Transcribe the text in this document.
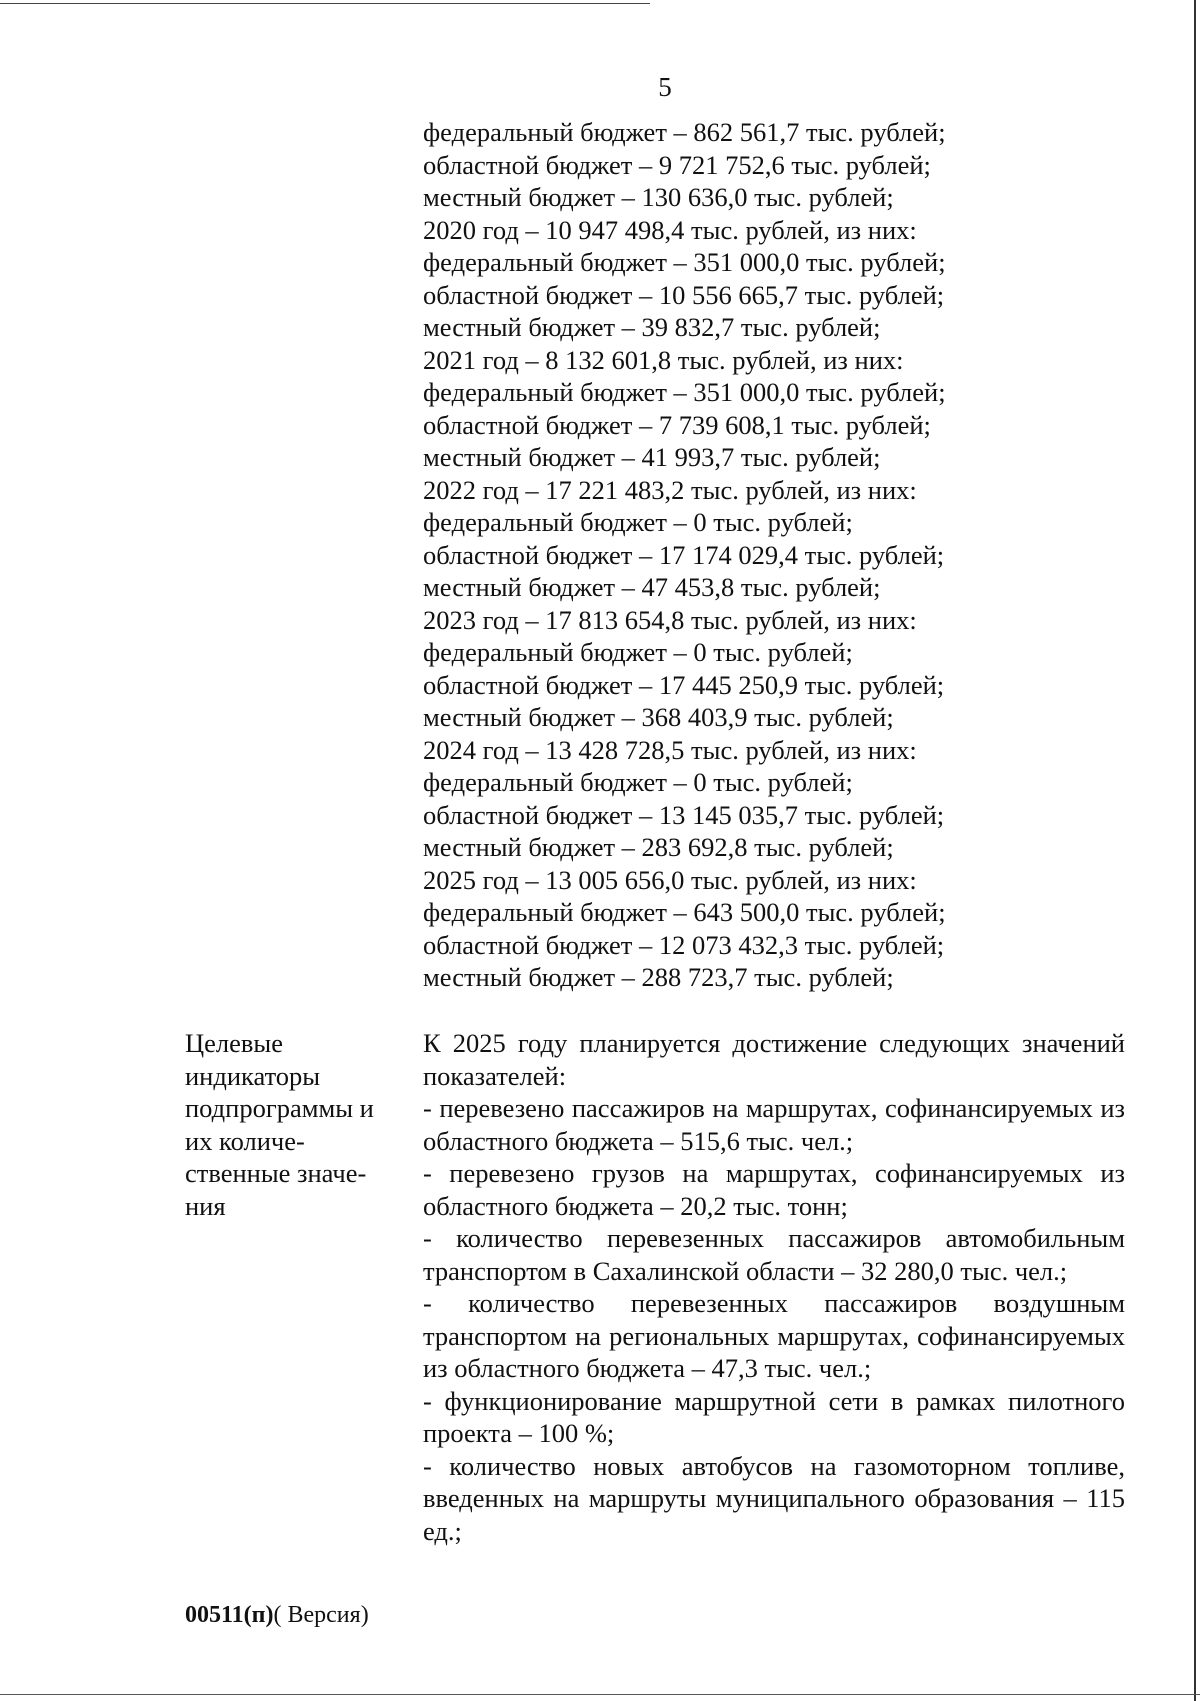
5
федеральный бюджет – 862 561,7 тыс. рублей;
областной бюджет – 9 721 752,6 тыс. рублей;
местный бюджет – 130 636,0 тыс. рублей;
2020 год – 10 947 498,4 тыс. рублей, из них:
федеральный бюджет – 351 000,0 тыс. рублей;
областной бюджет – 10 556 665,7 тыс. рублей;
местный бюджет – 39 832,7 тыс. рублей;
2021 год – 8 132 601,8 тыс. рублей, из них:
федеральный бюджет – 351 000,0 тыс. рублей;
областной бюджет – 7 739 608,1 тыс. рублей;
местный бюджет – 41 993,7 тыс. рублей;
2022 год – 17 221 483,2 тыс. рублей, из них:
федеральный бюджет – 0 тыс. рублей;
областной бюджет – 17 174 029,4 тыс. рублей;
местный бюджет – 47 453,8 тыс. рублей;
2023 год – 17 813 654,8 тыс. рублей, из них:
федеральный бюджет – 0 тыс. рублей;
областной бюджет – 17 445 250,9 тыс. рублей;
местный бюджет – 368 403,9 тыс. рублей;
2024 год – 13 428 728,5 тыс. рублей, из них:
федеральный бюджет – 0 тыс. рублей;
областной бюджет – 13 145 035,7 тыс. рублей;
местный бюджет – 283 692,8 тыс. рублей;
2025 год – 13 005 656,0 тыс. рублей, из них:
федеральный бюджет – 643 500,0 тыс. рублей;
областной бюджет – 12 073 432,3 тыс. рублей;
местный бюджет – 288 723,7 тыс. рублей;
Целевые индикаторы подпрограммы и их количе-ственные значе-ния

К 2025 году планируется достижение следующих значений показателей:

- перевезено пассажиров на маршрутах, софинансируемых из областного бюджета – 515,6 тыс. чел.;

- перевезено грузов на маршрутах, софинансируемых из областного бюджета – 20,2 тыс. тонн;

- количество перевезенных пассажиров автомобильным транспортом в Сахалинской области – 32 280,0 тыс. чел.;

- количество перевезенных пассажиров воздушным транспортом на региональных маршрутах, софинансируемых из областного бюджета – 47,3 тыс. чел.;

- функционирование маршрутной сети в рамках пилотного проекта – 100 %;

- количество новых автобусов на газомоторном топливе, введенных на маршруты муниципального образования – 115 ед.;

00511(п)( Версия)
